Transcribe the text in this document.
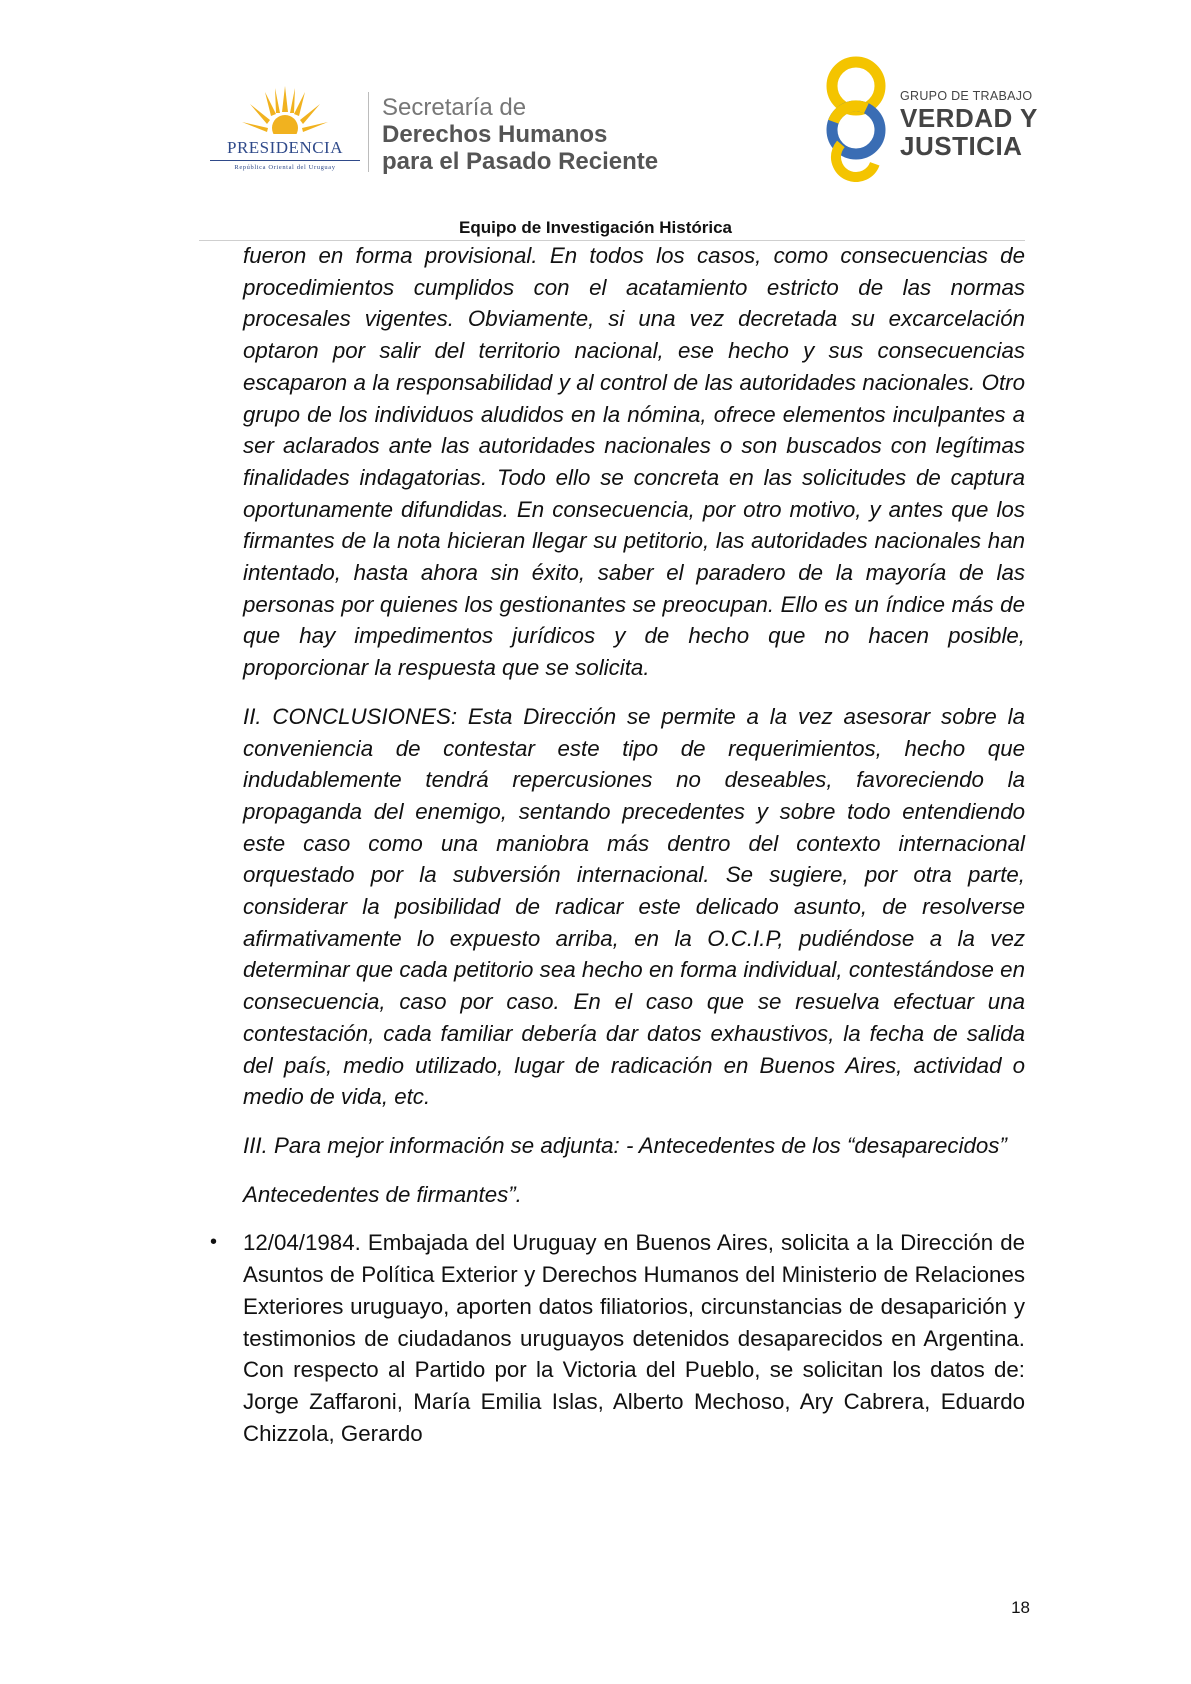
PRESIDENCIA
República Oriental del Uruguay
Secretaría de
Derechos Humanos
para el Pasado Reciente
GRUPO DE TRABAJO
VERDAD Y
JUSTICIA
Equipo de Investigación Histórica

fueron en forma provisional. En todos los casos, como consecuencias de procedimientos cumplidos con el acatamiento estricto de las normas procesales vigentes. Obviamente, si una vez decretada su excarcelación optaron por salir del territorio nacional, ese hecho y sus consecuencias escaparon a la responsabilidad y al control de las autoridades nacionales. Otro grupo de los individuos aludidos en la nómina, ofrece elementos inculpantes a ser aclarados ante las autoridades nacionales o son buscados con legítimas finalidades indagatorias. Todo ello se concreta en las solicitudes de captura oportunamente difundidas. En consecuencia, por otro motivo, y antes que los firmantes de la nota hicieran llegar su petitorio, las autoridades nacionales han intentado, hasta ahora sin éxito, saber el paradero de la mayoría de las personas por quienes los gestionantes se preocupan. Ello es un índice más de que hay impedimentos jurídicos y de hecho que no hacen posible, proporcionar la respuesta que se solicita.

II. CONCLUSIONES: Esta Dirección se permite a la vez asesorar sobre la conveniencia de contestar este tipo de requerimientos, hecho que indudablemente tendrá repercusiones no deseables, favoreciendo la propaganda del enemigo, sentando precedentes y sobre todo entendiendo este caso como una maniobra más dentro del contexto internacional orquestado por la subversión internacional. Se sugiere, por otra parte, considerar la posibilidad de radicar este delicado asunto, de resolverse afirmativamente lo expuesto arriba, en la O.C.I.P, pudiéndose a la vez determinar que cada petitorio sea hecho en forma individual, contestándose en consecuencia, caso por caso. En el caso que se resuelva efectuar una contestación, cada familiar debería dar datos exhaustivos, la fecha de salida del país, medio utilizado, lugar de radicación en Buenos Aires, actividad o medio de vida, etc.

III. Para mejor información se adjunta: - Antecedentes de los “desaparecidos”

Antecedentes de firmantes”.

• 12/04/1984. Embajada del Uruguay en Buenos Aires, solicita a la Dirección de Asuntos de Política Exterior y Derechos Humanos del Ministerio de Relaciones Exteriores uruguayo, aporten datos filiatorios, circunstancias de desaparición y testimonios de ciudadanos uruguayos detenidos desaparecidos en Argentina. Con respecto al Partido por la Victoria del Pueblo, se solicitan los datos de: Jorge Zaffaroni, María Emilia Islas, Alberto Mechoso, Ary Cabrera, Eduardo Chizzola, Gerardo

18
